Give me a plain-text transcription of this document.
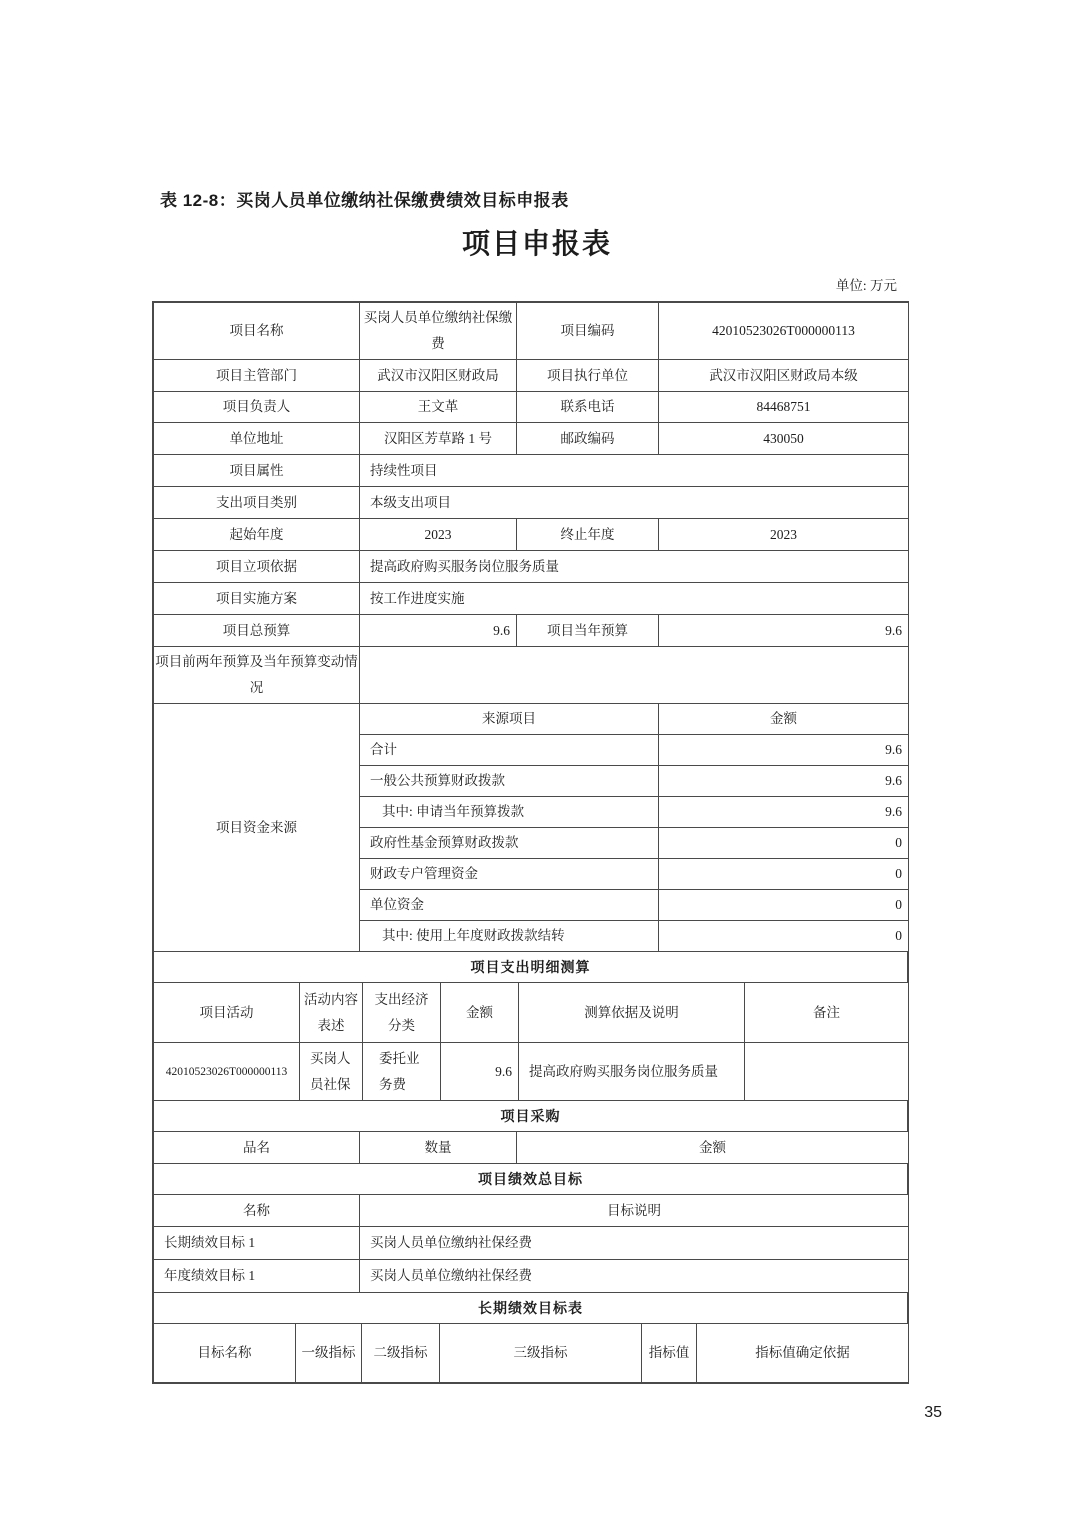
表 12-8：买岗人员单位缴纳社保缴费绩效目标申报表
项目申报表
单位: 万元
项目名称	买岗人员单位缴纳社保缴费	项目编码	42010523026T000000113
项目主管部门	武汉市汉阳区财政局	项目执行单位	武汉市汉阳区财政局本级
项目负责人	王文革	联系电话	84468751
单位地址	汉阳区芳草路 1 号	邮政编码	430050
项目属性	持续性项目		
支出项目类别	本级支出项目		
起始年度	2023	终止年度	2023
项目立项依据	提高政府购买服务岗位服务质量		
项目实施方案	按工作进度实施		
项目总预算	9.6	项目当年预算	9.6
项目前两年预算及当年预算变动情况			
项目资金来源	来源项目	金额
	合计	9.6
	一般公共预算财政拨款	9.6
	其中: 申请当年预算拨款	9.6
	政府性基金预算财政拨款	0
	财政专户管理资金	0
	单位资金	0
	其中: 使用上年度财政拨款结转	0
项目支出明细测算
项目活动	活动内容表述	支出经济分类	金额	测算依据及说明	备注
42010523026T000000113	买岗人员社保	委托业务费	9.6	提高政府购买服务岗位服务质量	
项目采购
品名	数量	金额
项目绩效总目标
名称	目标说明
长期绩效目标 1	买岗人员单位缴纳社保经费
年度绩效目标 1	买岗人员单位缴纳社保经费
长期绩效目标表
目标名称	一级指标	二级指标	三级指标	指标值	指标值确定依据
35
